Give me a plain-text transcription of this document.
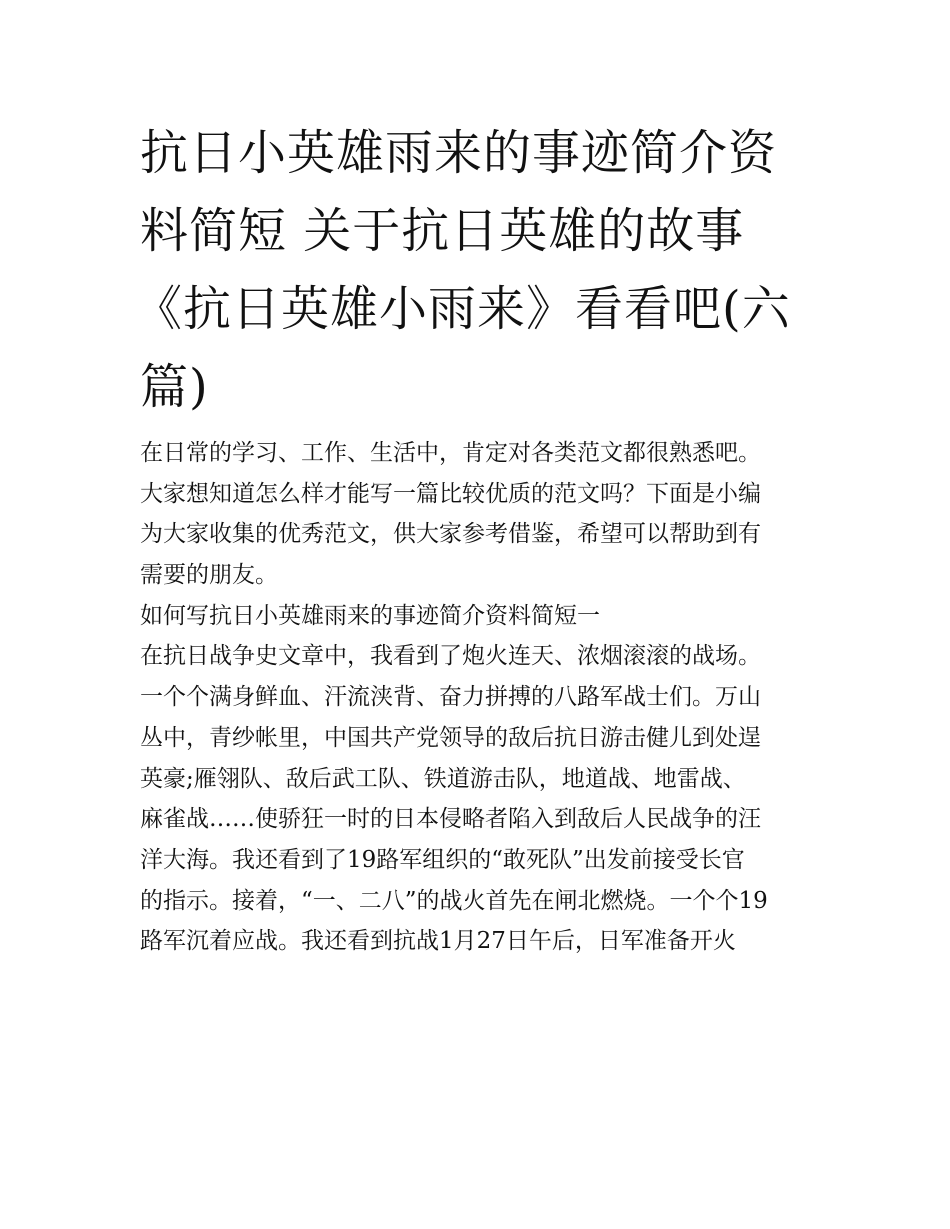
抗日小英雄雨来的事迹简介资
料简短 关于抗日英雄的故事
《抗日英雄小雨来》看看吧(六
篇)
在日常的学习、工作、生活中，肯定对各类范文都很熟悉吧。
大家想知道怎么样才能写一篇比较优质的范文吗？下面是小编
为大家收集的优秀范文，供大家参考借鉴，希望可以帮助到有
需要的朋友。
如何写抗日小英雄雨来的事迹简介资料简短一
在抗日战争史文章中，我看到了炮火连天、浓烟滚滚的战场。
一个个满身鲜血、汗流浃背、奋力拼搏的八路军战士们。万山
丛中，青纱帐里，中国共产党领导的敌后抗日游击健儿到处逞
英豪;雁翎队、敌后武工队、铁道游击队，地道战、地雷战、
麻雀战……使骄狂一时的日本侵略者陷入到敌后人民战争的汪
洋大海。我还看到了19路军组织的“敢死队”出发前接受长官
的指示。接着，“一、二八”的战火首先在闸北燃烧。一个个19
路军沉着应战。我还看到抗战1月27日午后，日军准备开火
